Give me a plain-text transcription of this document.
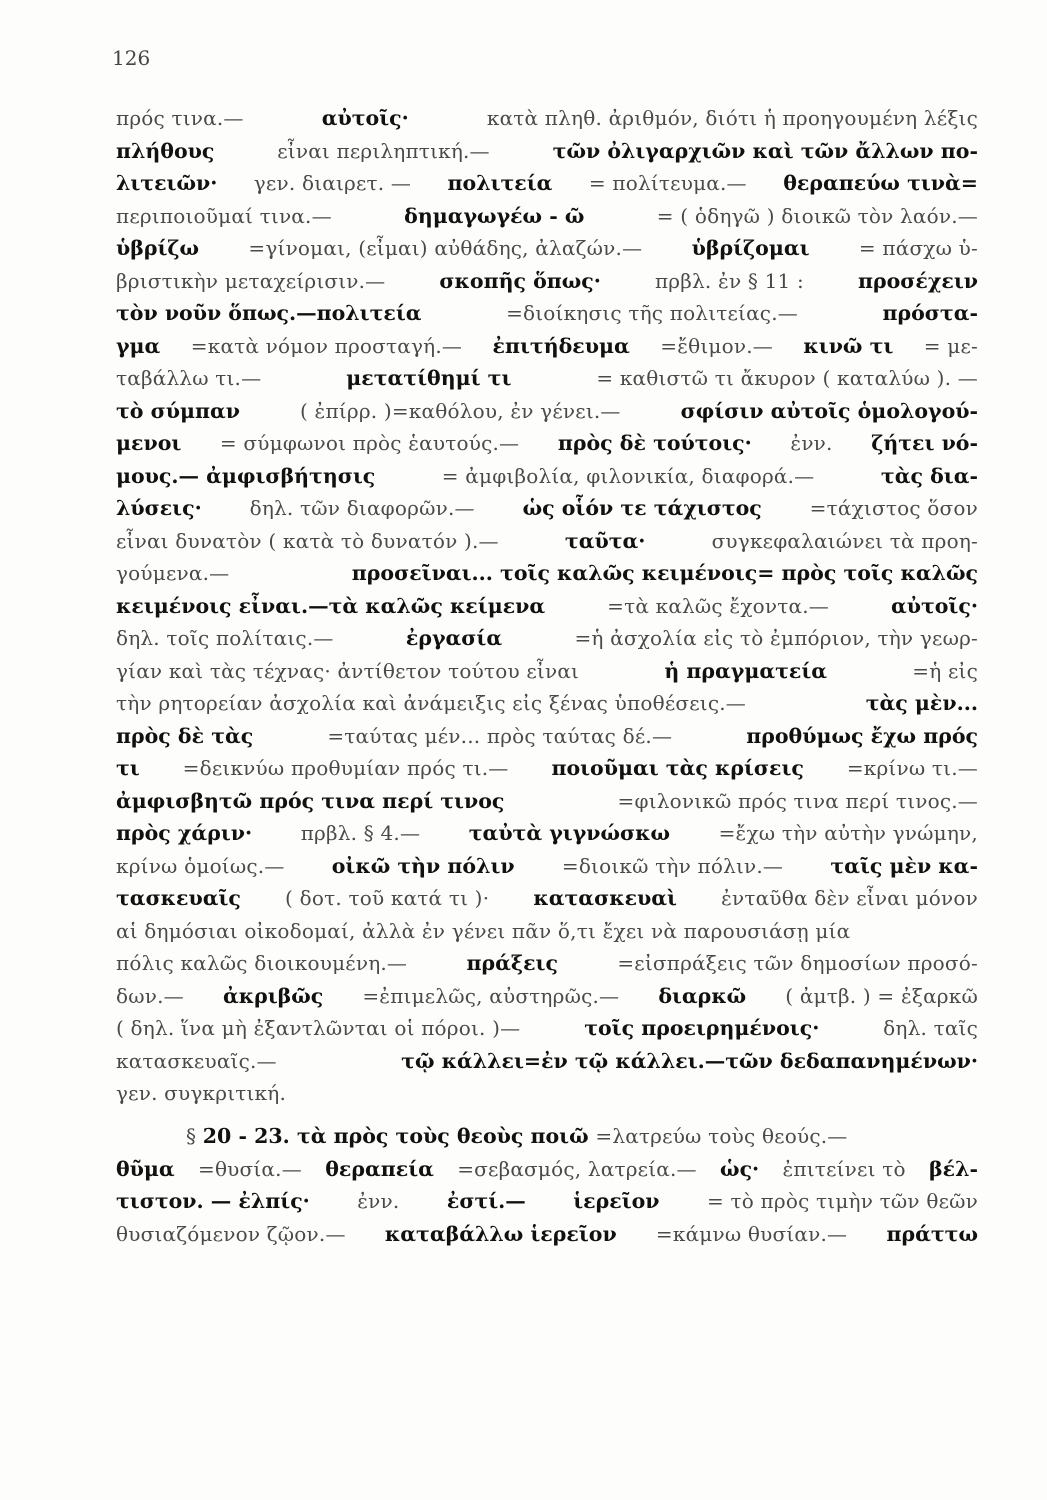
126
πρός τινα.—	αὐτοῖς·	κατὰ πληθ. ἀριθμόν, διότι ἡ προηγουμένη λέξις
πλήθους	εἶναι περιληπτική.—	τῶν ὀλιγαρχιῶν καὶ τῶν ἄλλων πο-
λιτειῶν· γεν. διαιρετ. — πολιτεία = πολίτευμα.— θεραπεύω τινὰ=
περιποιοῦμαί τινα.—	δημαγωγέω - ῶ	= ( ὁδηγῶ ) διοικῶ τὸν λαόν.—
ὑβρίζω =γίνομαι, (εἶμαι) αὐθάδης, ἀλαζών.— ὑβρίζομαι = πάσχω ὑ-
βριστικὴν μεταχείρισιν.—	σκοπῆς ὅπως·	πρβλ. ἐν § 11 :	προσέχειν
τὸν νοῦν ὅπως.—πολιτεία	=διοίκησις τῆς πολιτείας.—	πρόστα-
γμα =κατὰ νόμον προσταγή.— ἐπιτήδευμα =ἔθιμον.— κινῶ τι = με-
ταβάλλω τι.—	μετατίθημί τι	= καθιστῶ τι ἄκυρον ( καταλύω ). —
τὸ σύμπαν	( ἐπίρρ. )=καθόλου, ἐν γένει.—	σφίσιν αὐτοῖς ὁμολογού-
μενοι = σύμφωνοι πρὸς ἑαυτούς.— πρὸς δὲ τούτοις· ἐνν. ζήτει νό-
μους.— ἀμφισβήτησις	= ἀμφιβολία, φιλονικία, διαφορά.—	τὰς δια-
λύσεις· δηλ. τῶν διαφορῶν.— ὡς οἷόν τε τάχιστος =τάχιστος ὅσον
εἶναι δυνατὸν ( κατὰ τὸ δυνατόν ).—	ταῦτα·	συγκεφαλαιώνει τὰ προη-
γούμενα.—	προσεῖναι... τοῖς καλῶς κειμένοις= πρὸς τοῖς καλῶς
κειμένοις εἶναι.—τὰ καλῶς κείμενα	=τὰ καλῶς ἔχοντα.—	αὐτοῖς·
δηλ. τοῖς πολίταις.—	ἐργασία	=ἡ ἀσχολία εἰς τὸ ἐμπόριον, τὴν γεωρ-
γίαν καὶ τὰς τέχνας· ἀντίθετον τούτου εἶναι	ἡ πραγματεία	=ἡ εἰς
τὴν ρητορείαν ἀσχολία καὶ ἀνάμειξις εἰς ξένας ὑποθέσεις.—	τὰς μὲν...
πρὸς δὲ τὰς	=ταύτας μέν... πρὸς ταύτας δέ.—	προθύμως ἔχω πρός
τι =δεικνύω προθυμίαν πρός τι.— ποιοῦμαι τὰς κρίσεις =κρίνω τι.—
ἀμφισβητῶ πρός τινα περί τινος	=φιλονικῶ πρός τινα περί τινος.—
πρὸς χάριν· πρβλ. § 4.— ταὐτὰ γιγνώσκω =ἔχω τὴν αὐτὴν γνώμην,
κρίνω ὁμοίως.— οἰκῶ τὴν πόλιν =διοικῶ τὴν πόλιν.— ταῖς μὲν κα-
τασκευαῖς ( δοτ. τοῦ κατά τι )· κατασκευαὶ ἐνταῦθα δὲν εἶναι μόνον
αἱ δημόσιαι οἰκοδομαί, ἀλλὰ ἐν γένει πᾶν ὅ,τι ἔχει νὰ παρουσιάσῃ μία
πόλις καλῶς διοικουμένη.—	πράξεις	=εἰσπράξεις τῶν δημοσίων προσό-
δων.— ἀκριβῶς =ἐπιμελῶς, αὐστηρῶς.— διαρκῶ ( ἀμτβ. ) = ἐξαρκῶ
( δηλ. ἵνα μὴ ἐξαντλῶνται οἱ πόροι. )—	τοῖς προειρημένοις·	δηλ. ταῖς
κατασκευαῖς.—	τῷ κάλλει=ἐν τῷ κάλλει.—τῶν δεδαπανημένων·
γεν. συγκριτική.
§ 20 - 23. τὰ πρὸς τοὺς θεοὺς ποιῶ =λατρεύω τοὺς θεούς.—
θῦμα =θυσία.— θεραπεία =σεβασμός, λατρεία.— ὡς· ἐπιτείνει τὸ βέλ-
τιστον. — ἐλπίς· ἐνν. ἐστί.— ἱερεῖον = τὸ πρὸς τιμὴν τῶν θεῶν
θυσιαζόμενον ζῷον.— καταβάλλω ἱερεῖον =κάμνω θυσίαν.— πράττω
